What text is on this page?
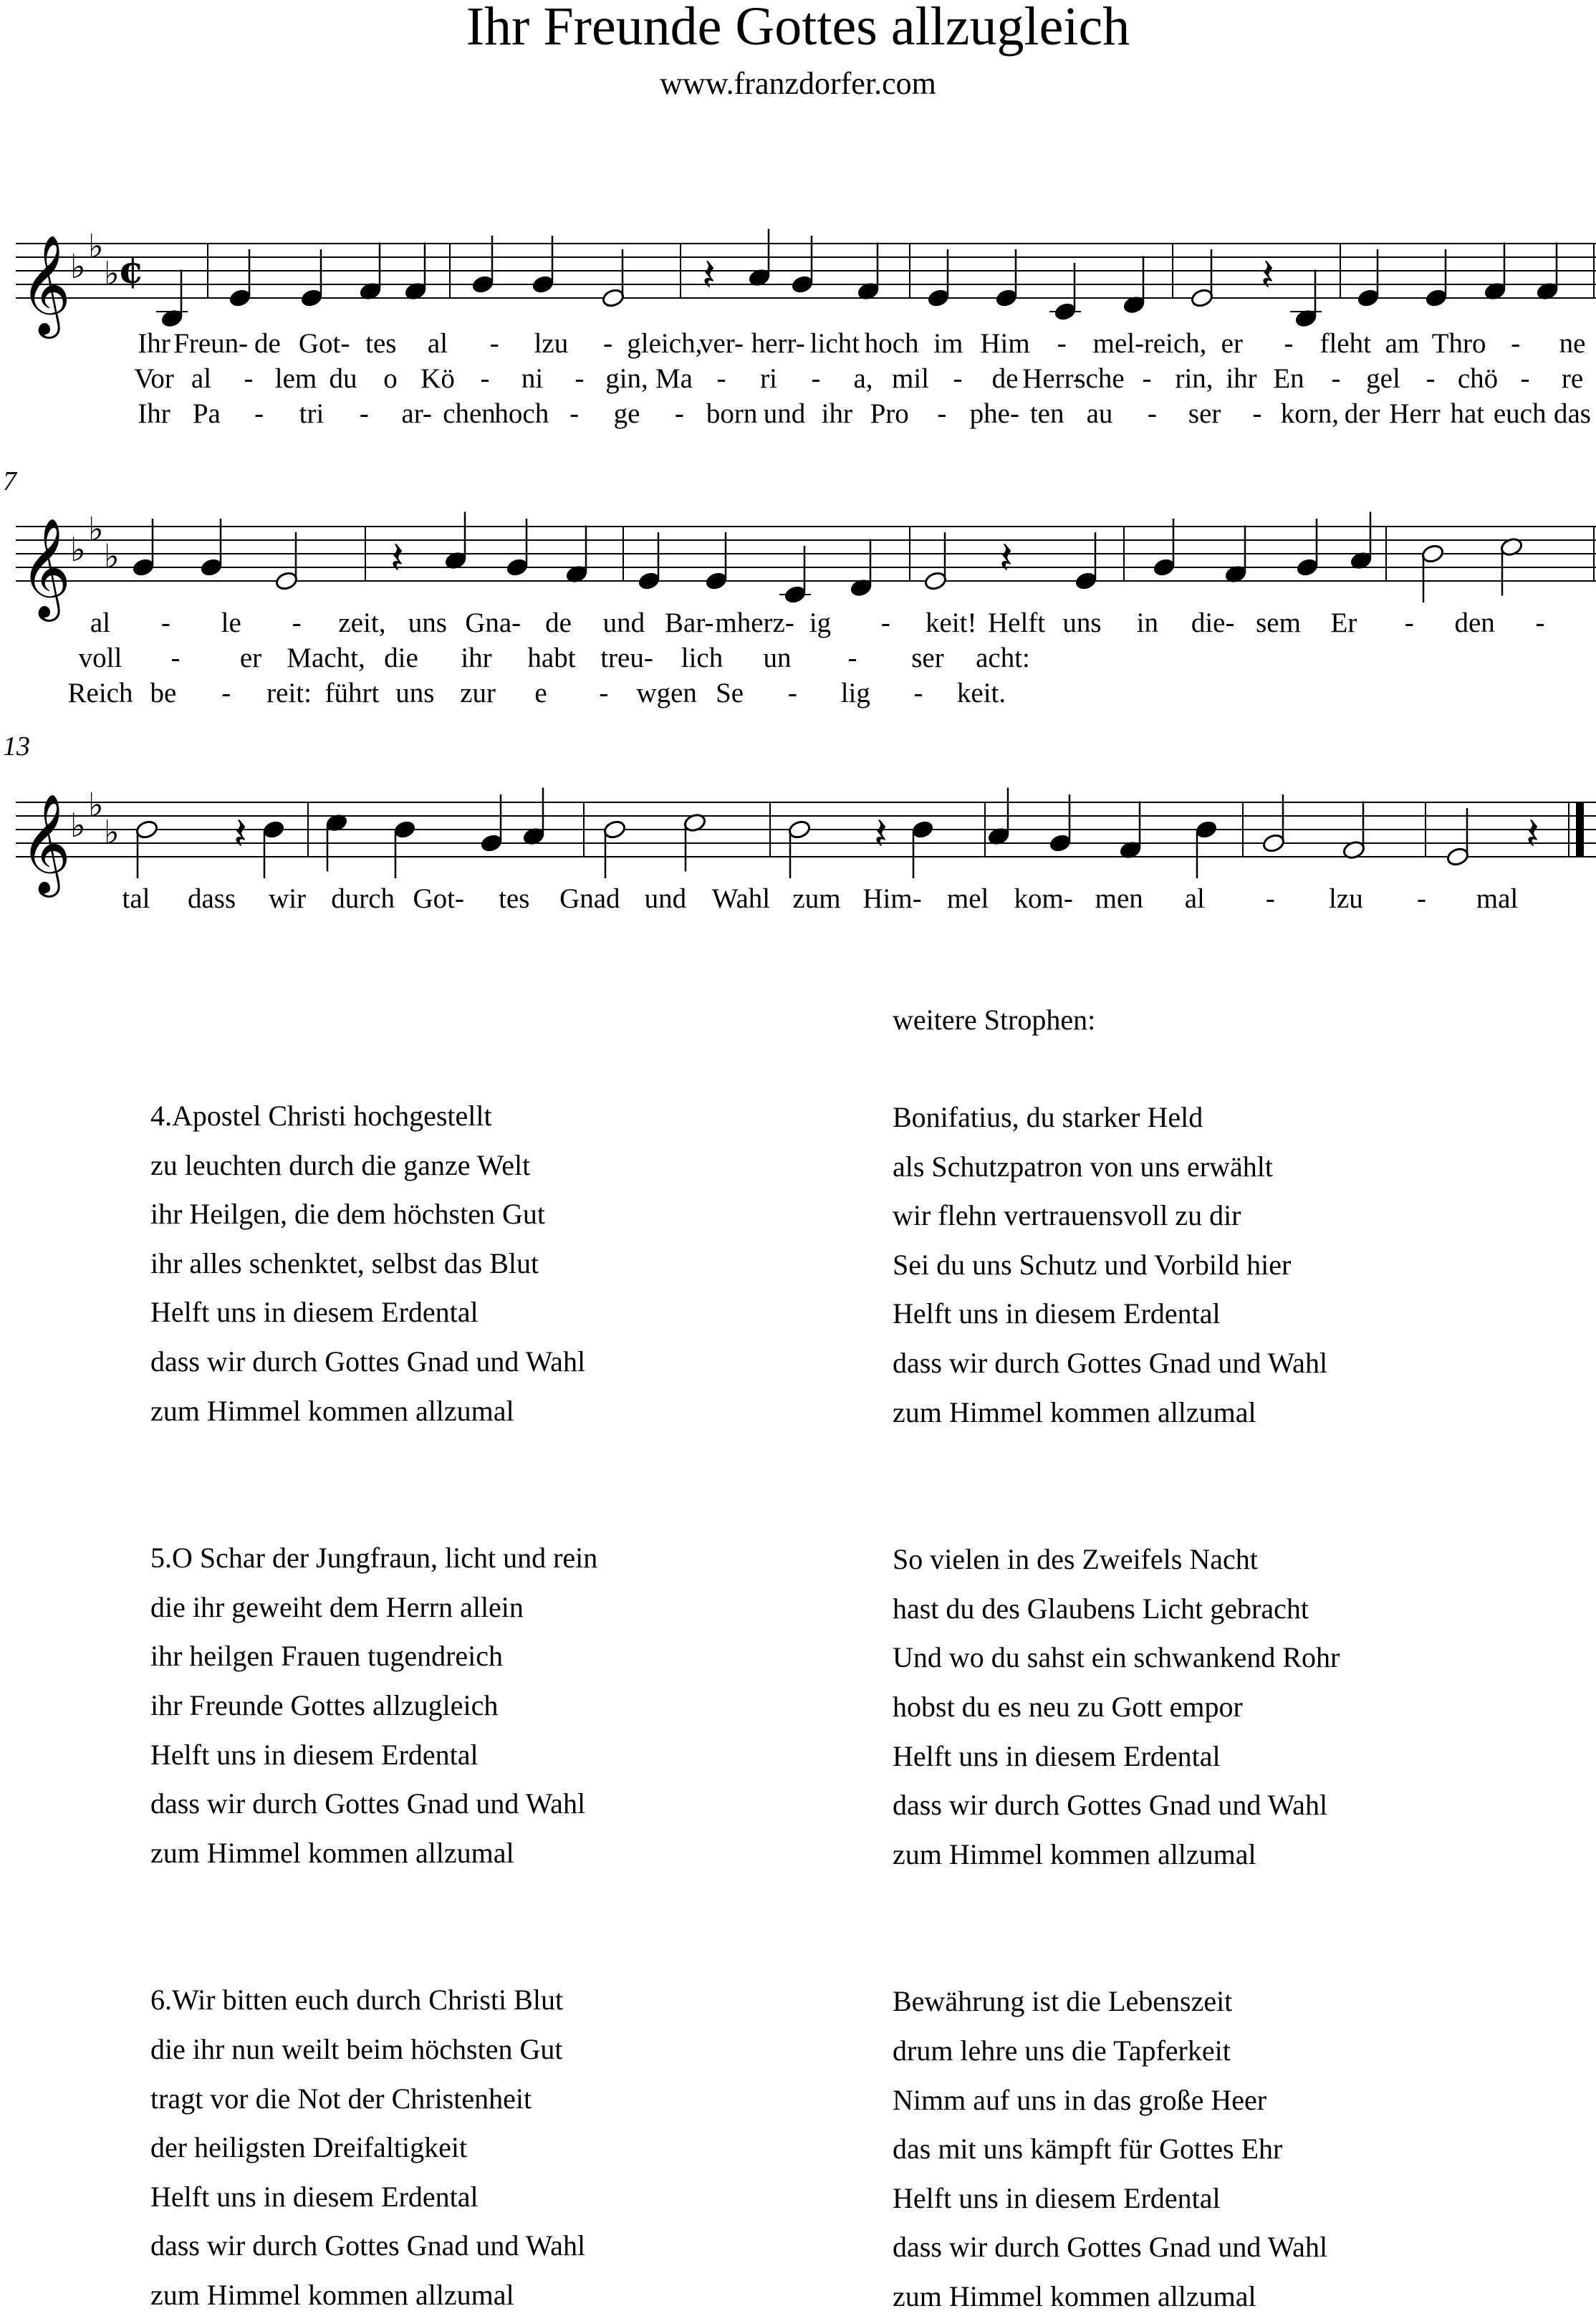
Ihr Freunde Gottes allzugleich
www.franzdorfer.com
𝄞 ♭
♭
♭
¢	𝄽	𝄽
𝄞 ♭
♭
♭	𝄽	𝄽
𝄞 ♭
♭
♭	𝄽	𝄽	𝄽
Ihr Freun- de Got- tes al - lzu - gleich,
ver- herr- licht hoch im Him - mel- reich, er - fleht am Thro - ne
Vor al - lem du o Kö - ni - gin, Ma - ri - a, mil - de Herr-
sche - rin, ihr En - gel - chö - re
Ihr Pa - tri - ar- chen
hoch - ge - born und ihr Pro - phe- ten au - ser - korn, der Herr hat euch das
al - le - zeit, uns Gna- de und Bar- mherz- ig - keit! Helft uns in die- sem Er - den -
voll - er Macht, die ihr habt treu- lich un - ser acht:
Reich be - reit: führt uns zur e - wgen Se - lig - keit.
tal dass wir durch Got- tes Gnad und Wahl zum Him- mel kom- men al - lzu - mal
7
13
weitere Strophen:
4.Apostel Christi hochgestellt
zu leuchten durch die ganze Welt
ihr Heilgen, die dem höchsten Gut
ihr alles schenktet, selbst das Blut
Helft uns in diesem Erdental
dass wir durch Gottes Gnad und Wahl
zum Himmel kommen allzumal
5.O Schar der Jungfraun, licht und rein
die ihr geweiht dem Herrn allein
ihr heilgen Frauen tugendreich
ihr Freunde Gottes allzugleich
Helft uns in diesem Erdental
dass wir durch Gottes Gnad und Wahl
zum Himmel kommen allzumal
6.Wir bitten euch durch Christi Blut
die ihr nun weilt beim höchsten Gut
tragt vor die Not der Christenheit
der heiligsten Dreifaltigkeit
Helft uns in diesem Erdental
dass wir durch Gottes Gnad und Wahl
zum Himmel kommen allzumal
Bonifatius, du starker Held
als Schutzpatron von uns erwählt
wir flehn vertrauensvoll zu dir
Sei du uns Schutz und Vorbild hier
Helft uns in diesem Erdental
dass wir durch Gottes Gnad und Wahl
zum Himmel kommen allzumal
So vielen in des Zweifels Nacht
hast du des Glaubens Licht gebracht
Und wo du sahst ein schwankend Rohr
hobst du es neu zu Gott empor
Helft uns in diesem Erdental
dass wir durch Gottes Gnad und Wahl
zum Himmel kommen allzumal
Bewährung ist die Lebenszeit
drum lehre uns die Tapferkeit
Nimm auf uns in das große Heer
das mit uns kämpft für Gottes Ehr
Helft uns in diesem Erdental
dass wir durch Gottes Gnad und Wahl
zum Himmel kommen allzumal
